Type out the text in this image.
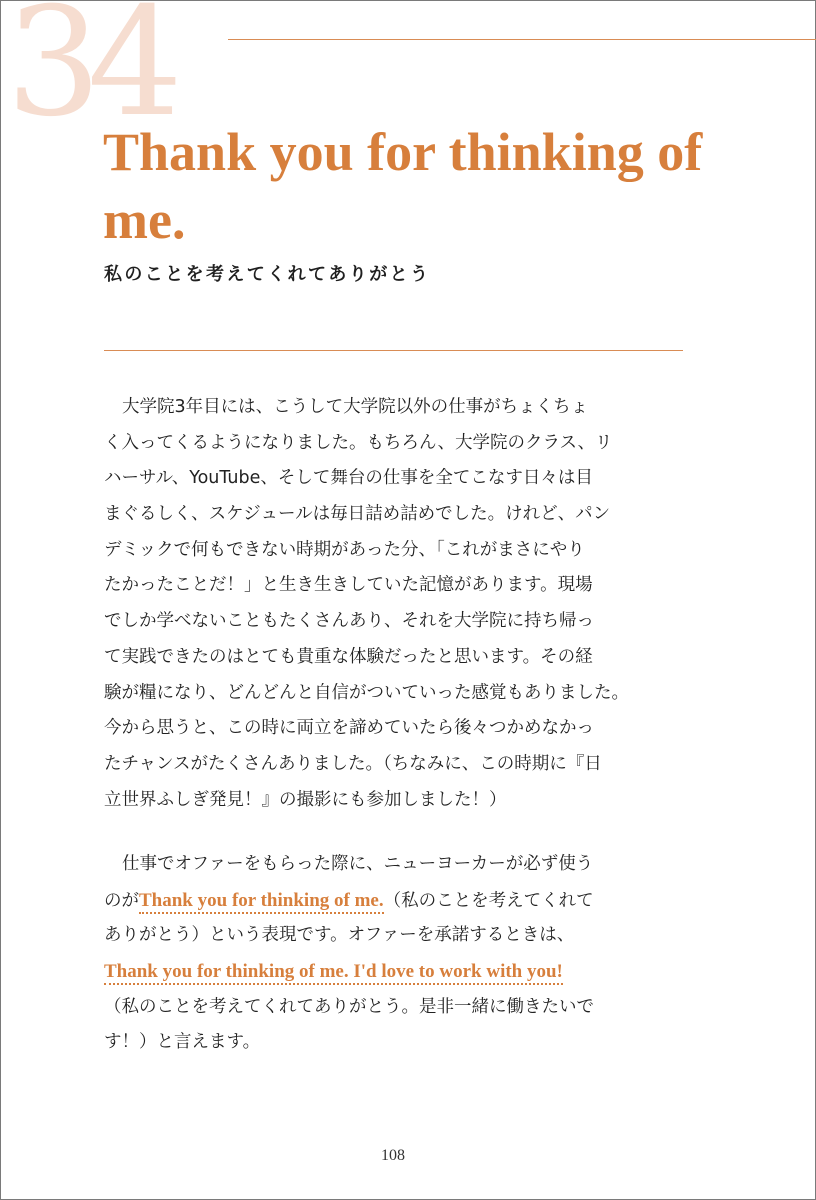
34
Thank you for thinking of me.

私のことを考えてくれてありがとう

大学院3年目には、こうして大学院以外の仕事がちょくちょ
く入ってくるようになりました。もちろん、大学院のクラス、リ
ハーサル、YouTube、そして舞台の仕事を全てこなす日々は目
まぐるしく、スケジュールは毎日詰め詰めでした。けれど、パン
デミックで何もできない時期があった分、「これがまさにやり
たかったことだ！」と生き生きしていた記憶があります。現場
でしか学べないこともたくさんあり、それを大学院に持ち帰っ
て実践できたのはとても貴重な体験だったと思います。その経
験が糧になり、どんどんと自信がついていった感覚もありました。
今から思うと、この時に両立を諦めていたら後々つかめなかっ
たチャンスがたくさんありました。（ちなみに、この時期に『日
立世界ふしぎ発見！』の撮影にも参加しました！）
仕事でオファーをもらった際に、ニューヨーカーが必ず使う
のがThank you for thinking of me.（私のことを考えてくれて
ありがとう）という表現です。オファーを承諾するときは、
Thank you for thinking of me. I'd love to work with you!
（私のことを考えてくれてありがとう。是非一緒に働きたいで
す！）と言えます。
108
